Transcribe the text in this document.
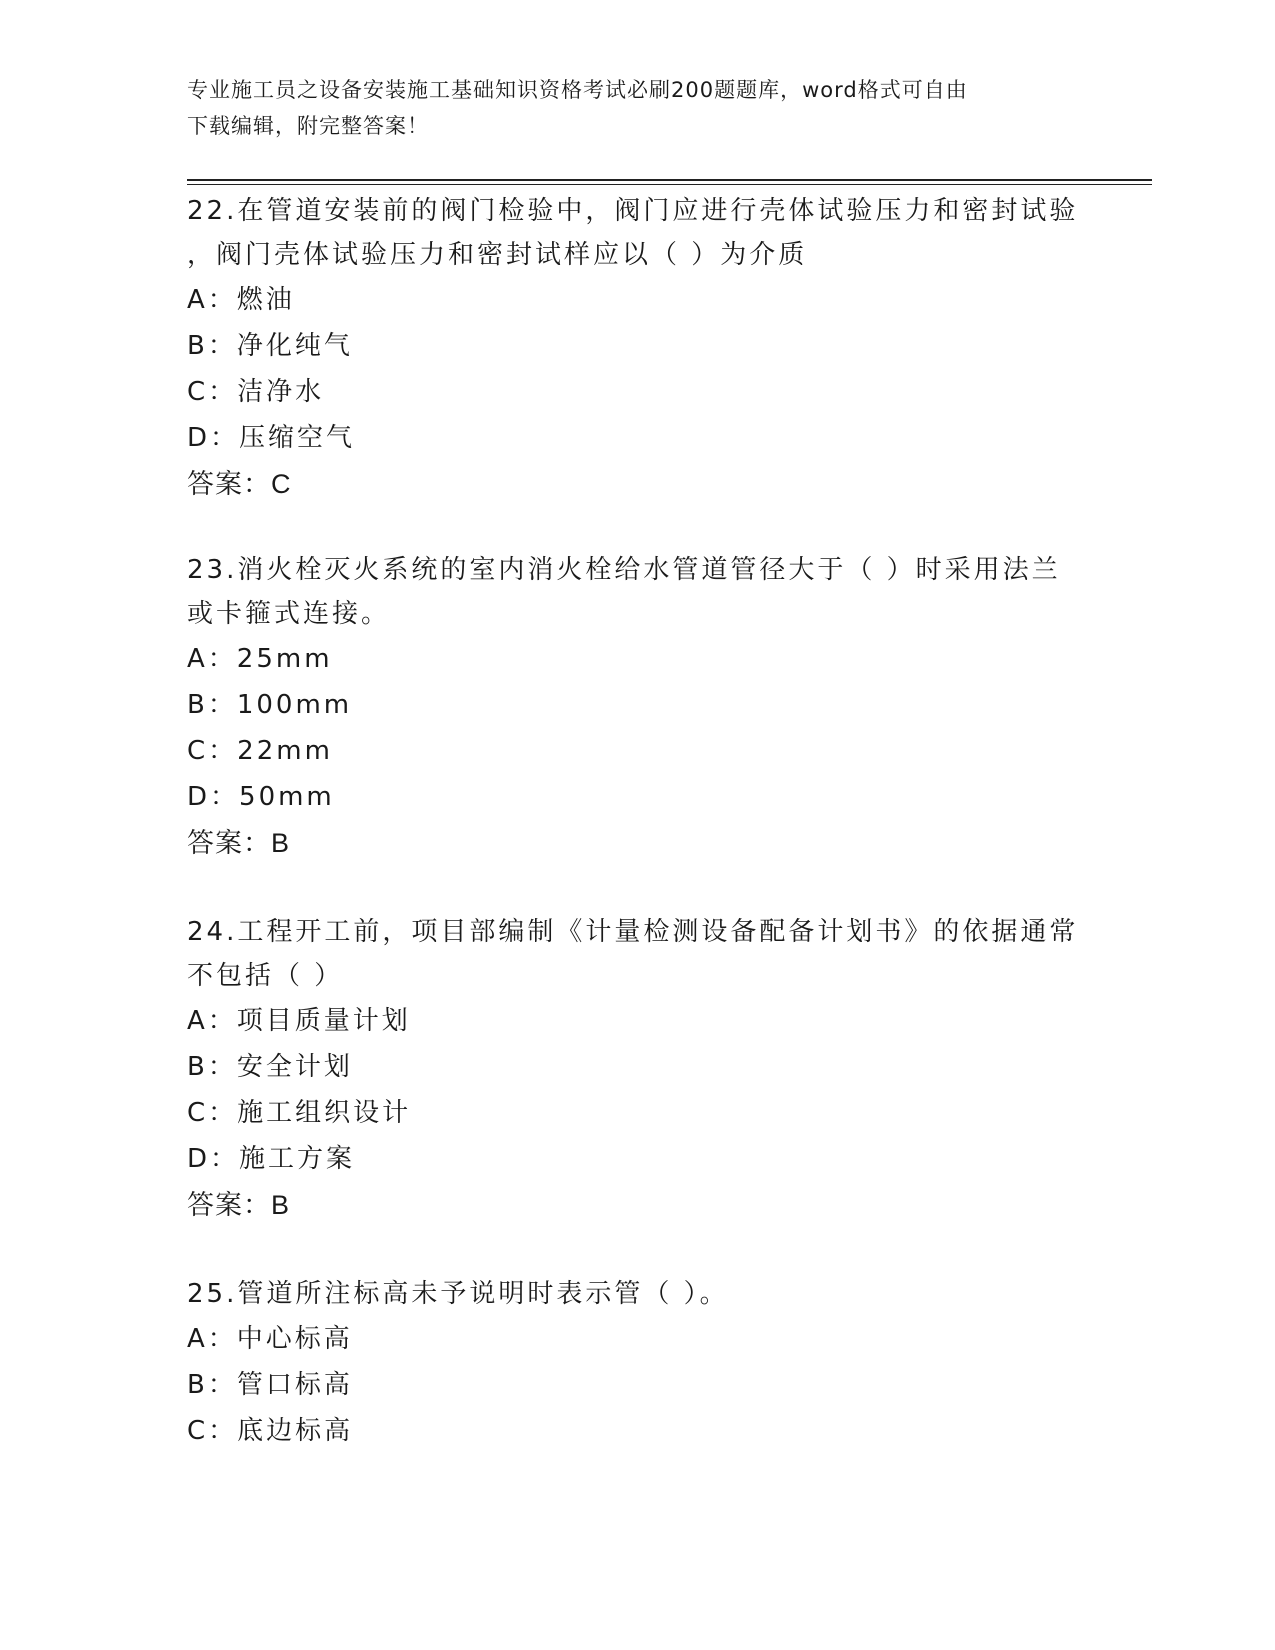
专业施工员之设备安装施工基础知识资格考试必刷200题题库，word格式可自由
下载编辑，附完整答案！

22.在管道安装前的阀门检验中，阀门应进行壳体试验压力和密封试验

，阀门壳体试验压力和密封试样应以（ ）为介质

A：燃油

B：净化纯气

C：洁净水

D：压缩空气

答案：C

23.消火栓灭火系统的室内消火栓给水管道管径大于（ ）时采用法兰

或卡箍式连接。

A：25mm

B：100mm

C：22mm

D：50mm

答案：B

24.工程开工前，项目部编制《计量检测设备配备计划书》的依据通常

不包括（ ）

A：项目质量计划

B：安全计划

C：施工组织设计

D：施工方案

答案：B

25.管道所注标高未予说明时表示管（ ）。

A：中心标高

B：管口标高

C：底边标高
